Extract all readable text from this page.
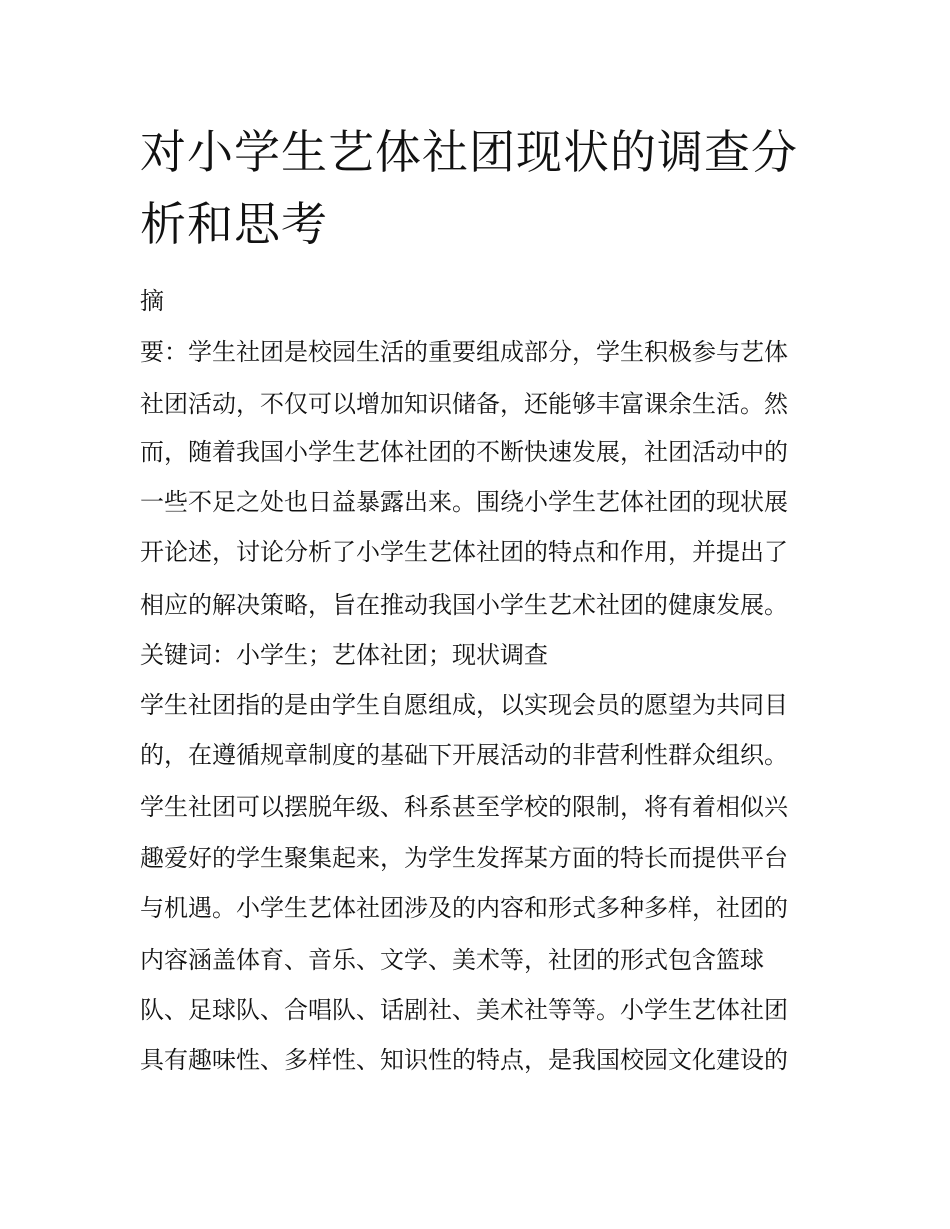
对小学生艺体社团现状的调查分析和思考

摘

要：学生社团是校园生活的重要组成部分，学生积极参与艺体

社团活动，不仅可以增加知识储备，还能够丰富课余生活。然

而，随着我国小学生艺体社团的不断快速发展，社团活动中的

一些不足之处也日益暴露出来。围绕小学生艺体社团的现状展

开论述，讨论分析了小学生艺体社团的特点和作用，并提出了

相应的解决策略，旨在推动我国小学生艺术社团的健康发展。

关键词：小学生；艺体社团；现状调查

学生社团指的是由学生自愿组成，以实现会员的愿望为共同目

的，在遵循规章制度的基础下开展活动的非营利性群众组织。

学生社团可以摆脱年级、科系甚至学校的限制，将有着相似兴

趣爱好的学生聚集起来，为学生发挥某方面的特长而提供平台

与机遇。小学生艺体社团涉及的内容和形式多种多样，社团的

内容涵盖体育、音乐、文学、美术等，社团的形式包含篮球

队、足球队、合唱队、话剧社、美术社等等。小学生艺体社团

具有趣味性、多样性、知识性的特点，是我国校园文化建设的
